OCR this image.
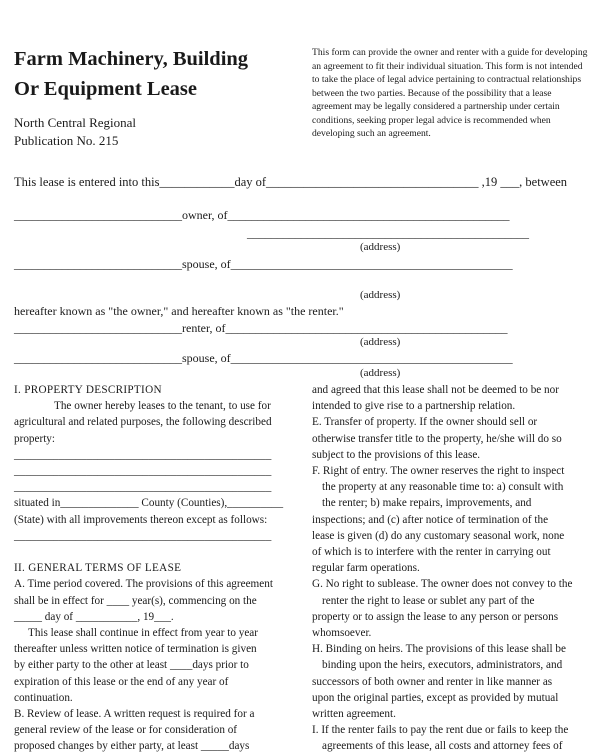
Farm Machinery, Building
Or Equipment Lease
North Central Regional
Publication No. 215
This form can provide the owner and renter with a guide for developing
an agreement to fit their individual situation. This form is not intended
to take the place of legal advice pertaining to contractual relationships
between the two parties. Because of the possibility that a lease
agreement may be legally considered a partnership under certain
conditions, seeking proper legal advice is recommended when
developing such an agreement.
This lease is entered into this____________day of__________________________________ ,19 ___, between
____________________________owner, of_______________________________________________
_______________________________________________
(address)
____________________________spouse, of_______________________________________________
(address)
hereafter known as "the owner," and hereafter known as "the renter."
____________________________renter, of_______________________________________________
(address)
____________________________spouse, of_______________________________________________
(address)
I. PROPERTY DESCRIPTION

The owner hereby leases to the tenant, to use for

agricultural and related purposes, the following described

property:

______________________________________________

______________________________________________

______________________________________________

situated in______________ County (Counties),__________

(State) with all improvements thereon except as follows:

______________________________________________

II. GENERAL TERMS OF LEASE

A. Time period covered. The provisions of this agreement

shall be in effect for ____ year(s), commencing on the

_____ day of ___________, 19___.

This lease shall continue in effect from year to year

thereafter unless written notice of termination is given

by either party to the other at least ____days prior to

expiration of this lease or the end of any year of

continuation.

B. Review of lease. A written request is required for a

general review of the lease or for consideration of

proposed changes by either party, at least _____days

and agreed that this lease shall not be deemed to be nor

intended to give rise to a partnership relation.

E. Transfer of property. If the owner should sell or

otherwise transfer title to the property, he/she will do so

subject to the provisions of this lease.

F. Right of entry. The owner reserves the right to inspect

the property at any reasonable time to: a) consult with

the renter; b) make repairs, improvements, and

inspections; and (c) after notice of termination of the

lease is given (d) do any customary seasonal work, none

of which is to interfere with the renter in carrying out

regular farm operations.

G. No right to sublease. The owner does not convey to the

renter the right to lease or sublet any part of the

property or to assign the lease to any person or persons

whomsoever.

H. Binding on heirs. The provisions of this lease shall be

binding upon the heirs, executors, administrators, and

successors of both owner and renter in like manner as

upon the original parties, except as provided by mutual

written agreement.

I. If the renter fails to pay the rent due or fails to keep the

agreements of this lease, all costs and attorney fees of
